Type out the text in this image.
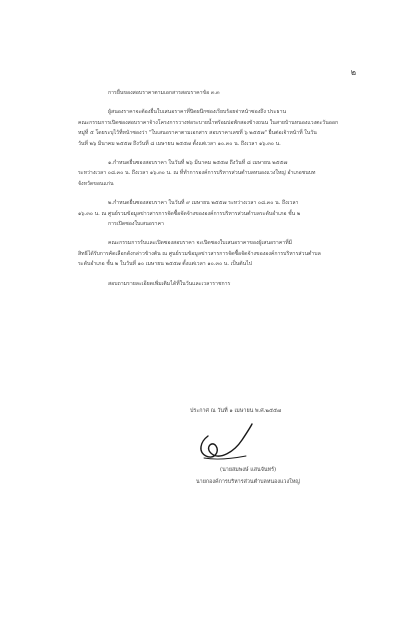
๒

การยื่นของสอบราคาตามเอกสารสอบราคาข้อ ๓.๓

ผู้สนองราคาจะต้องยื่นใบเสนอราคาที่ปิดผนึกซองเรียบร้อยจ่าหน้าซองถึง ประธาน

คณะกรรมการเปิดซองสอบราคาจ้างโครงการวางท่อระบายน้ำพร้อมบ่อพักสองข้างถนน ในสายบ้านหนองแวงตะวันออก

หมู่ที่ ๕ โดยระบุไว้ที่หน้าซองว่า "ใบเสนอราคาตามเอกสาร สอบราคาเลขที่ ๖ ๒๕๕๗" ยื่นต่อเจ้าหน้าที่ ในวัน

วันที่ ๒๖ มีนาคม ๒๕๕๗ ถึงวันที่ ๘ เมษายน ๒๕๕๗ ตั้งแต่เวลา ๑๐.๓๐ น. ถึงเวลา ๑๖.๓๐ น.

๑.กำหนดยื่นซองสอบราคา ในวันที่ ๒๖ มีนาคม ๒๕๕๗ ถึงวันที่ ๘ เมษายน ๒๕๕๗

ระหว่างเวลา ๐๘.๓๐ น. ถึงเวลา ๑๖.๓๐ น. ณ ที่ทำการองค์การบริหารส่วนตำบลหนองแวงใหญ่ อำเภอชนบท

จังหวัดขอนแก่น

๒.กำหนดยื่นซองสอบราคา ในวันที่ ๙ เมษายน ๒๕๕๗ ระหว่างเวลา ๐๘.๓๐ น. ถึงเวลา

๑๖.๓๐ น. ณ ศูนย์รวมข้อมูลข่าวสารการจัดซื้อจัดจ้างขององค์การบริหารส่วนตำบลระดับอำเภอ ชั้น ๒

การเปิดซองใบเสนอราคา

คณะกรรมการรับและเปิดซองสอบราคา จะเปิดซองใบเสนอราคาของผู้เสนอราคาที่มี

สิทธิได้รับการคัดเลือกดังกล่าวข้างต้น ณ ศูนย์รวมข้อมูลข่าวสารการจัดซื้อจัดจ้างขององค์การบริหารส่วนตำบล

ระดับอำเภอ ชั้น ๒ ในวันที่ ๑๐ เมษายน ๒๕๕๗ ตั้งแต่เวลา ๑๐.๓๐ น. เป็นต้นไป

สอบถามรายละเอียดเพิ่มเติมได้ที่ในวันและเวลาราชการ

ประกาศ ณ วันที่ ๑ เมษายน พ.ศ.๒๕๕๗
(นายสมพงษ์ แสนจันทร์)
นายกองค์การบริหารส่วนตำบลหนองแวงใหญ่
